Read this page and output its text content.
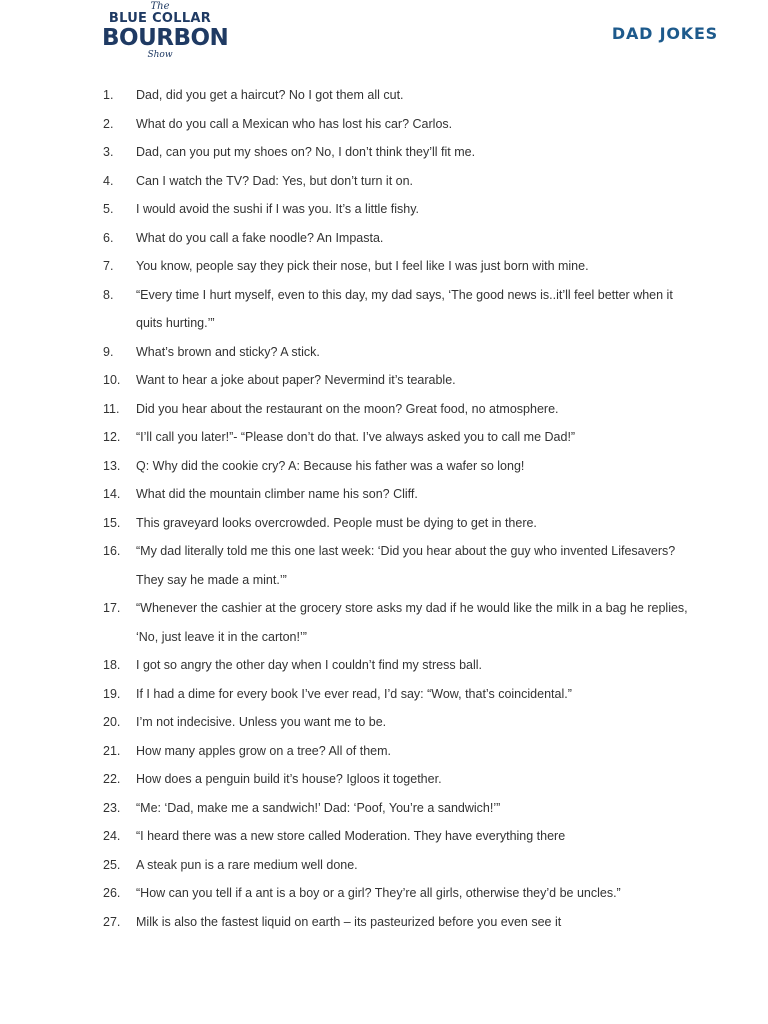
The
BLUE COLLAR
BOURBON
Show
DAD JOKES
1.	Dad, did you get a haircut? No I got them all cut.
2.	What do you call a Mexican who has lost his car? Carlos.
3.	Dad, can you put my shoes on? No, I don’t think they’ll fit me.
4.	Can I watch the TV? Dad: Yes, but don’t turn it on.
5.	I would avoid the sushi if I was you. It’s a little fishy.
6.	What do you call a fake noodle? An Impasta.
7.	You know, people say they pick their nose, but I feel like I was just born with mine.
8.	“Every time I hurt myself, even to this day, my dad says, ‘The good news is..it’ll feel better when it quits hurting.’”
9.	What’s brown and sticky? A stick.
10.	Want to hear a joke about paper? Nevermind it’s tearable.
11.	Did you hear about the restaurant on the moon? Great food, no atmosphere.
12.	“I’ll call you later!”- “Please don’t do that. I’ve always asked you to call me Dad!”
13.	Q: Why did the cookie cry? A: Because his father was a wafer so long!
14.	What did the mountain climber name his son? Cliff.
15.	This graveyard looks overcrowded. People must be dying to get in there.
16.	“My dad literally told me this one last week: ‘Did you hear about the guy who invented Lifesavers? They say he made a mint.’”
17.	“Whenever the cashier at the grocery store asks my dad if he would like the milk in a bag he replies, ‘No, just leave it in the carton!’”
18.	I got so angry the other day when I couldn’t find my stress ball.
19.	If I had a dime for every book I’ve ever read, I’d say: “Wow, that’s coincidental.”
20.	I’m not indecisive. Unless you want me to be.
21.	How many apples grow on a tree? All of them.
22.	How does a penguin build it’s house? Igloos it together.
23.	“Me: ‘Dad, make me a sandwich!’ Dad: ‘Poof, You’re a sandwich!’”
24.	“I heard there was a new store called Moderation. They have everything there
25.	A steak pun is a rare medium well done.
26.	“How can you tell if a ant is a boy or a girl? They’re all girls, otherwise they’d be uncles.”
27.	Milk is also the fastest liquid on earth – its pasteurized before you even see it
